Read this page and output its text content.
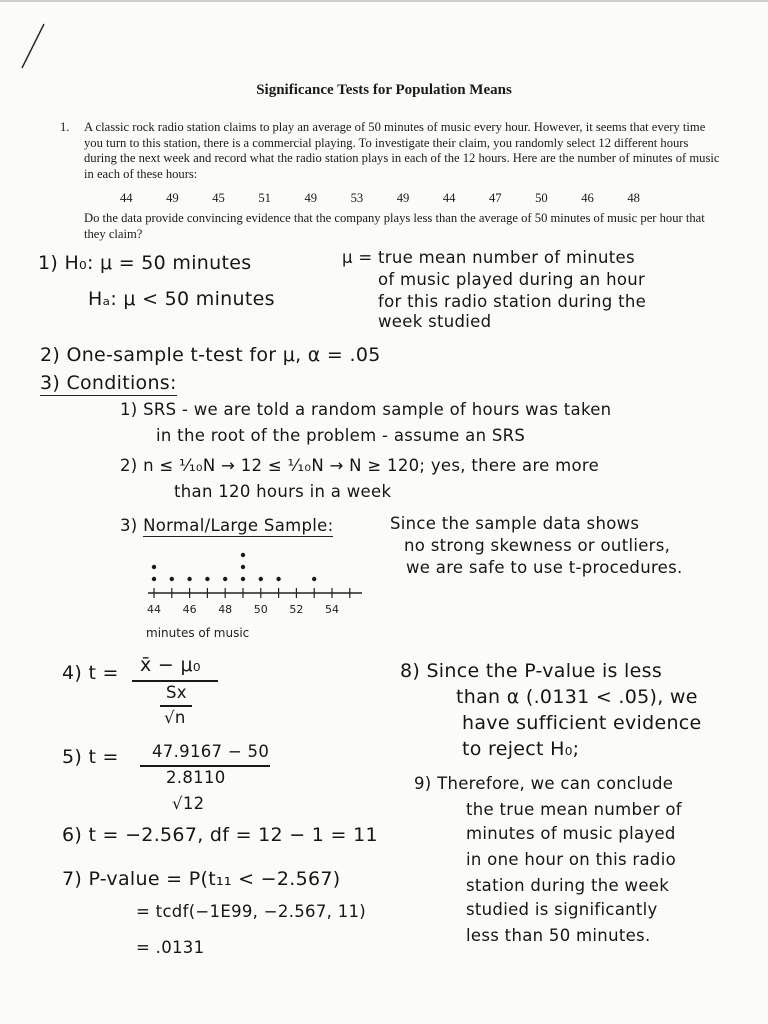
Significance Tests for Population Means
1. A classic rock radio station claims to play an average of 50 minutes of music every hour. However, it seems that every time you turn to this station, there is a commercial playing. To investigate their claim, you randomly select 12 different hours during the next week and record what the radio station plays in each of the 12 hours. Here are the number of minutes of music in each of these hours:
44	49	45	51	49	53	49	44	47	50	46	48
Do the data provide convincing evidence that the company plays less than the average of 50 minutes of music per hour that they claim?
1) H₀: μ = 50 minutes
Hₐ: μ < 50 minutes
μ = true mean number of minutes
of music played during an hour
for this radio station during the
week studied
2) One-sample t-test for μ, α = .05
3) Conditions:
1) SRS - we are told a random sample of hours was taken
in the root of the problem - assume an SRS
2) n ≤ ¹⁄₁₀N → 12 ≤ ¹⁄₁₀N → N ≥ 120; yes, there are more
than 120 hours in a week
3) Normal/Large Sample:	Since the sample data shows
no strong skewness or outliers,
we are safe to use t-procedures.
44 46 48 50 52 54
minutes of music
4) t = x̄ − μ₀
Sx
√n
5) t = 47.9167 − 50
2.8110
√12
6) t = −2.567, df = 12 − 1 = 11
7) P-value = P(t₁₁ < −2.567)
= tcdf(−1E99, −2.567, 11)
= .0131
8) Since the P-value is less
than α (.0131 < .05), we
have sufficient evidence
to reject H₀;
9) Therefore, we can conclude
the true mean number of
minutes of music played
in one hour on this radio
station during the week
studied is significantly
less than 50 minutes.
